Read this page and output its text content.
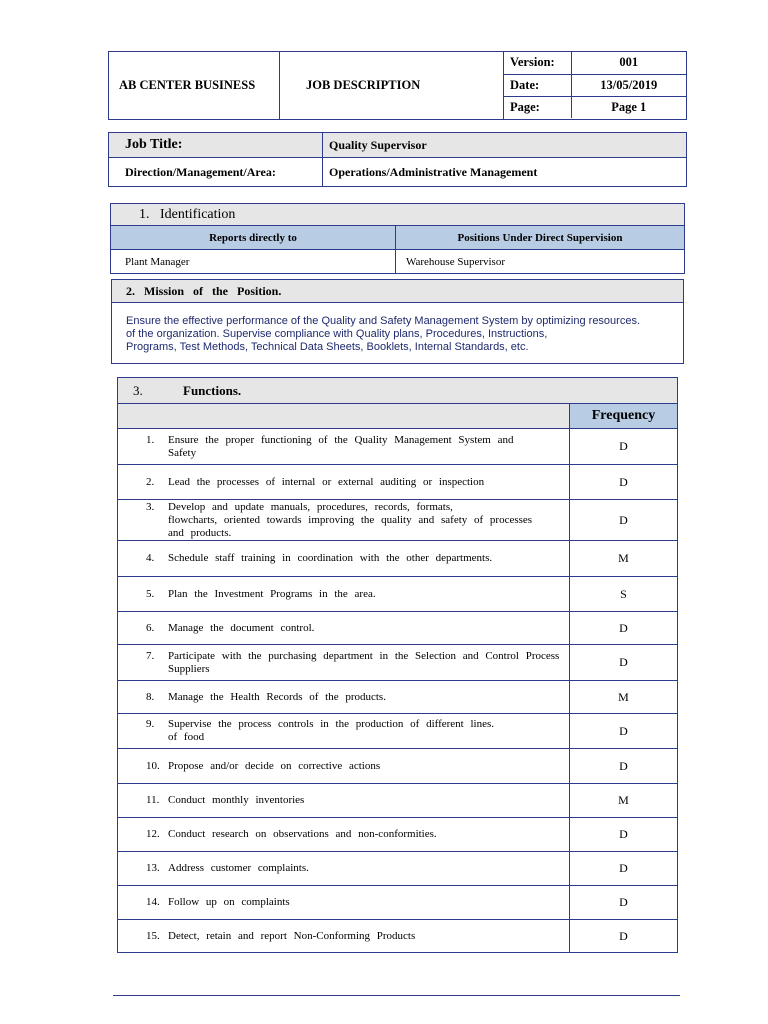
AB CENTER BUSINESS	JOB DESCRIPTION
Version:	001
Date:	13/05/2019
Page:	Page 1
Job Title:	Quality Supervisor
Direction/Management/Area:	Operations/Administrative Management
1. Identification	
Reports directly to	Positions Under Direct Supervision
Plant Manager	Warehouse Supervisor
2. Mission of the Position.
Ensure the effective performance of the Quality and Safety Management System by optimizing resources.
of the organization. Supervise compliance with Quality plans, Procedures, Instructions,
Programs, Test Methods, Technical Data Sheets, Booklets, Internal Standards, etc.
3. Functions.	
	Frequency

1. Ensure the proper functioning of the Quality Management System and
Safety	D

2. Lead the processes of internal or external auditing or inspection	D

3. Develop and update manuals, procedures, records, formats,
flowcharts, oriented towards improving the quality and safety of processes
and products.	D

4. Schedule staff training in coordination with the other departments.	M

5. Plan the Investment Programs in the area.	S

6. Manage the document control.	D

7. Participate with the purchasing department in the Selection and Control Process
Suppliers	D

8. Manage the Health Records of the products.	M

9. Supervise the process controls in the production of different lines.
of food	D

10. Propose and/or decide on corrective actions	D

11. Conduct monthly inventories	M

12. Conduct research on observations and non-conformities.	D

13. Address customer complaints.	D

14. Follow up on complaints	D

15. Detect, retain and report Non-Conforming Products	D
